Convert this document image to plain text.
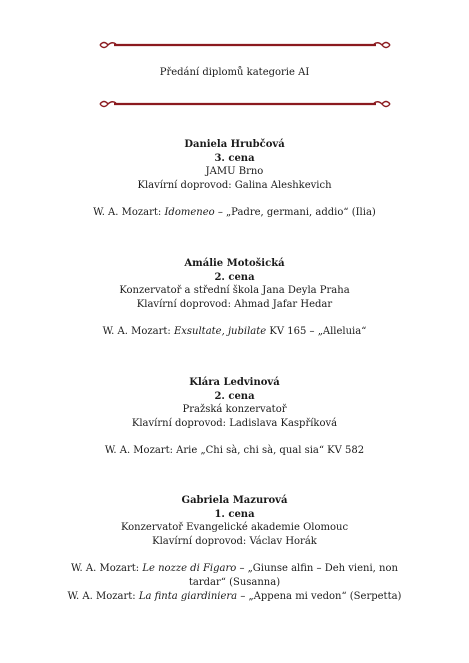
Předání diplomů kategorie AI
Daniela Hrubčová
3. cena
JAMU Brno
Klavírní doprovod: Galina Aleshkevich
W. A. Mozart: Idomeneo – „Padre, germani, addio“ (Ilia)
Amálie Motošická
2. cena
Konzervatoř a střední škola Jana Deyla Praha
Klavírní doprovod: Ahmad Jafar Hedar
W. A. Mozart: Exsultate, jubilate KV 165 – „Alleluia“
Klára Ledvinová
2. cena
Pražská konzervatoř
Klavírní doprovod: Ladislava Kaspříková
W. A. Mozart: Arie „Chi sà, chi sà, qual sia“ KV 582
Gabriela Mazurová
1. cena
Konzervatoř Evangelické akademie Olomouc
Klavírní doprovod: Václav Horák
W. A. Mozart: Le nozze di Figaro – „Giunse alfin – Deh vieni, non
tardar“ (Susanna)
W. A. Mozart: La finta giardiniera – „Appena mi vedon“ (Serpetta)
